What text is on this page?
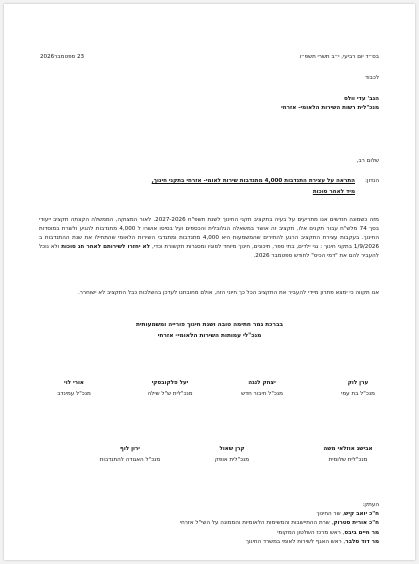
בס״ד יום רביעי, י״ב תשרי תשפ״ו
23 ספטמבר2026
לכבוד
הגב' עדי וולס
מנכ"לית רשות השירות הלאומי- אזרחי
שלום רב,
הנדון:
התראה על עצירת התנדבות 4,000 מתנדבות שירות לאומי- אזרחי בתקני חינוך,
מיד לאחר סוכות
מזה כשמונה חודשים אנו מתריעים על בעיה בתקציב תקני החינוך לשנת תשפ"ח 2027-2026. לאור המצוקה, הממשלה הקצתה תקציב ייעודי בסך 74 מלש"ח עבור תקנים אלו. תקציב זה אושר במשאלה הגלובלית והכספים ועל בסיסו אושרו ל 4,000 מתנדבות להגיע ולשרת במוסדות החינוך. בעקבות עצירת התקציב הרגע להתירים שהמשמעות היא 4,000 מתנדבות ומתנדבי השירות הלאומי שהתחילו את שנת ההתנדבות ב 1/9/2026 בתקני חינוך : גני ילדים, בתי ספר, תיכונים, חינוך מיוחד לסוגיו ומסגרות תקשורת וכדי, לא יחזרו לשירותם לאחר חג סוכות ולא נוכל להעביר להם את "דמי הכיס" לחודש ספטמבר 2026.
אנו תקווה כי ימצא פתרון מיידי להעביר את התקציב הכל כך חיוני הזה, אולם מחובתנו לעדכן בהשלכות כבל התקציב לא ישוחרר.
בברכת גמר חתימה טובה ושנת חינוך פורייה ומשמעותית
מנכ"לי עמותות השירות הלאומי- אזרחי
ערן לוק
מנכ"ל בת עמי
יצחק לנגה
מנכ"ל חיבור חדש
יעל פלקובסקי
מנכ"לית ש"ל שילה
אורי לוי
מנכ"ל עמינדב
אבישג אוזלאי משה
מנכ"לית שלומית
קרן שאול
מנכ"לית אופק
ירון לוף
מנכ"ל האגודה להתנדבות
העתק:
ח"כ יואב קיש, שר החינוך
ח"כ אורית סטרוק, שרת ההתיישבות והמשימות הלאומיות והממונה על השי"ל אזרחי
מר חיים ביבס, ראש מרכז השלטון המקומי
מר דוד סלבר, ראש האגף לשירות לאומי במשרד החינוך
